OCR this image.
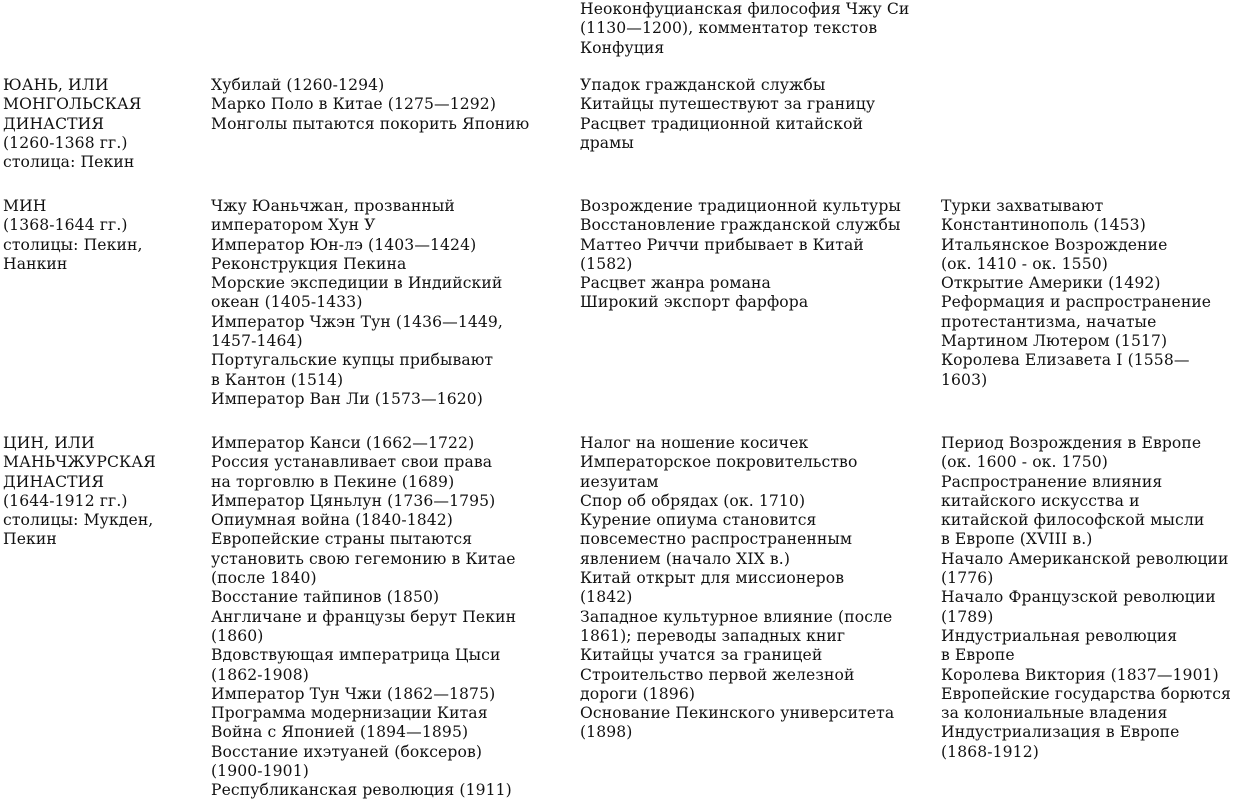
Неоконфуцианская философия Чжу Си
(1130—1200), комментатор текстов
Конфуция
ЮАНЬ, ИЛИ
МОНГОЛЬСКАЯ
ДИНАСТИЯ
(1260-1368 гг.)
столица: Пекин
Хубилай (1260-1294)
Марко Поло в Китае (1275—1292)
Монголы пытаются покорить Японию
Упадок гражданской службы
Китайцы путешествуют за границу
Расцвет традиционной китайской
драмы
МИН
(1368-1644 гг.)
столицы: Пекин,
Нанкин
Чжу Юаньчжан, прозванный
императором Хун У
Император Юн-лэ (1403—1424)
Реконструкция Пекина
Морские экспедиции в Индийский
океан (1405-1433)
Император Чжэн Тун (1436—1449,
1457-1464)
Португальские купцы прибывают
в Кантон (1514)
Император Ван Ли (1573—1620)
Возрождение традиционной культуры
Восстановление гражданской службы
Маттео Риччи прибывает в Китай
(1582)
Расцвет жанра романа
Широкий экспорт фарфора
Турки захватывают
Константинополь (1453)
Итальянское Возрождение
(ок. 1410 - ок. 1550)
Открытие Америки (1492)
Реформация и распространение
протестантизма, начатые
Мартином Лютером (1517)
Королева Елизавета I (1558—
1603)
ЦИН, ИЛИ
МАНЬЧЖУРСКАЯ
ДИНАСТИЯ
(1644-1912 гг.)
столицы: Мукден,
Пекин
Император Канси (1662—1722)
Россия устанавливает свои права
на торговлю в Пекине (1689)
Император Цяньлун (1736—1795)
Опиумная война (1840-1842)
Европейские страны пытаются
установить свою гегемонию в Китае
(после 1840)
Восстание тайпинов (1850)
Англичане и французы берут Пекин
(1860)
Вдовствующая императрица Цыси
(1862-1908)
Император Тун Чжи (1862—1875)
Программа модернизации Китая
Война с Японией (1894—1895)
Восстание ихэтуаней (боксеров)
(1900-1901)
Республиканская революция (1911)
Налог на ношение косичек
Императорское покровительство
иезуитам
Спор об обрядах (ок. 1710)
Курение опиума становится
повсеместно распространенным
явлением (начало XIX в.)
Китай открыт для миссионеров
(1842)
Западное культурное влияние (после
1861); переводы западных книг
Китайцы учатся за границей
Строительство первой железной
дороги (1896)
Основание Пекинского университета
(1898)
Период Возрождения в Европе
(ок. 1600 - ок. 1750)
Распространение влияния
китайского искусства и
китайской философской мысли
в Европе (XVIII в.)
Начало Американской революции
(1776)
Начало Французской революции
(1789)
Индустриальная революция
в Европе
Королева Виктория (1837—1901)
Европейские государства борются
за колониальные владения
Индустриализация в Европе
(1868-1912)
